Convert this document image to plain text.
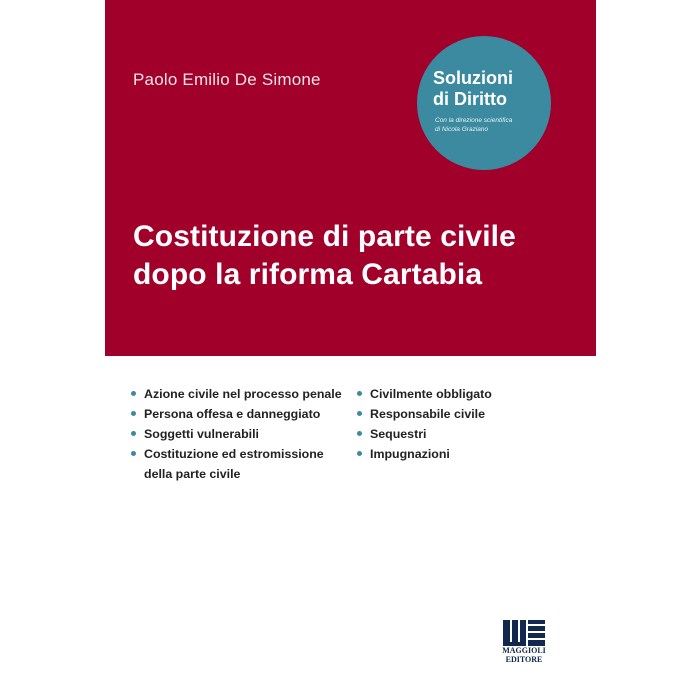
Paolo Emilio De Simone	Soluzioni
di Diritto
Con la direzione scientifica
di Nicola Graziano
Costituzione di parte civile
dopo la riforma Cartabia
Azione civile nel processo penale
Persona offesa e danneggiato
Soggetti vulnerabili
Costituzione ed estromissione
della parte civile
Civilmente obbligato
Responsabile civile
Sequestri
Impugnazioni
MAGGIOLI
EDITORE
